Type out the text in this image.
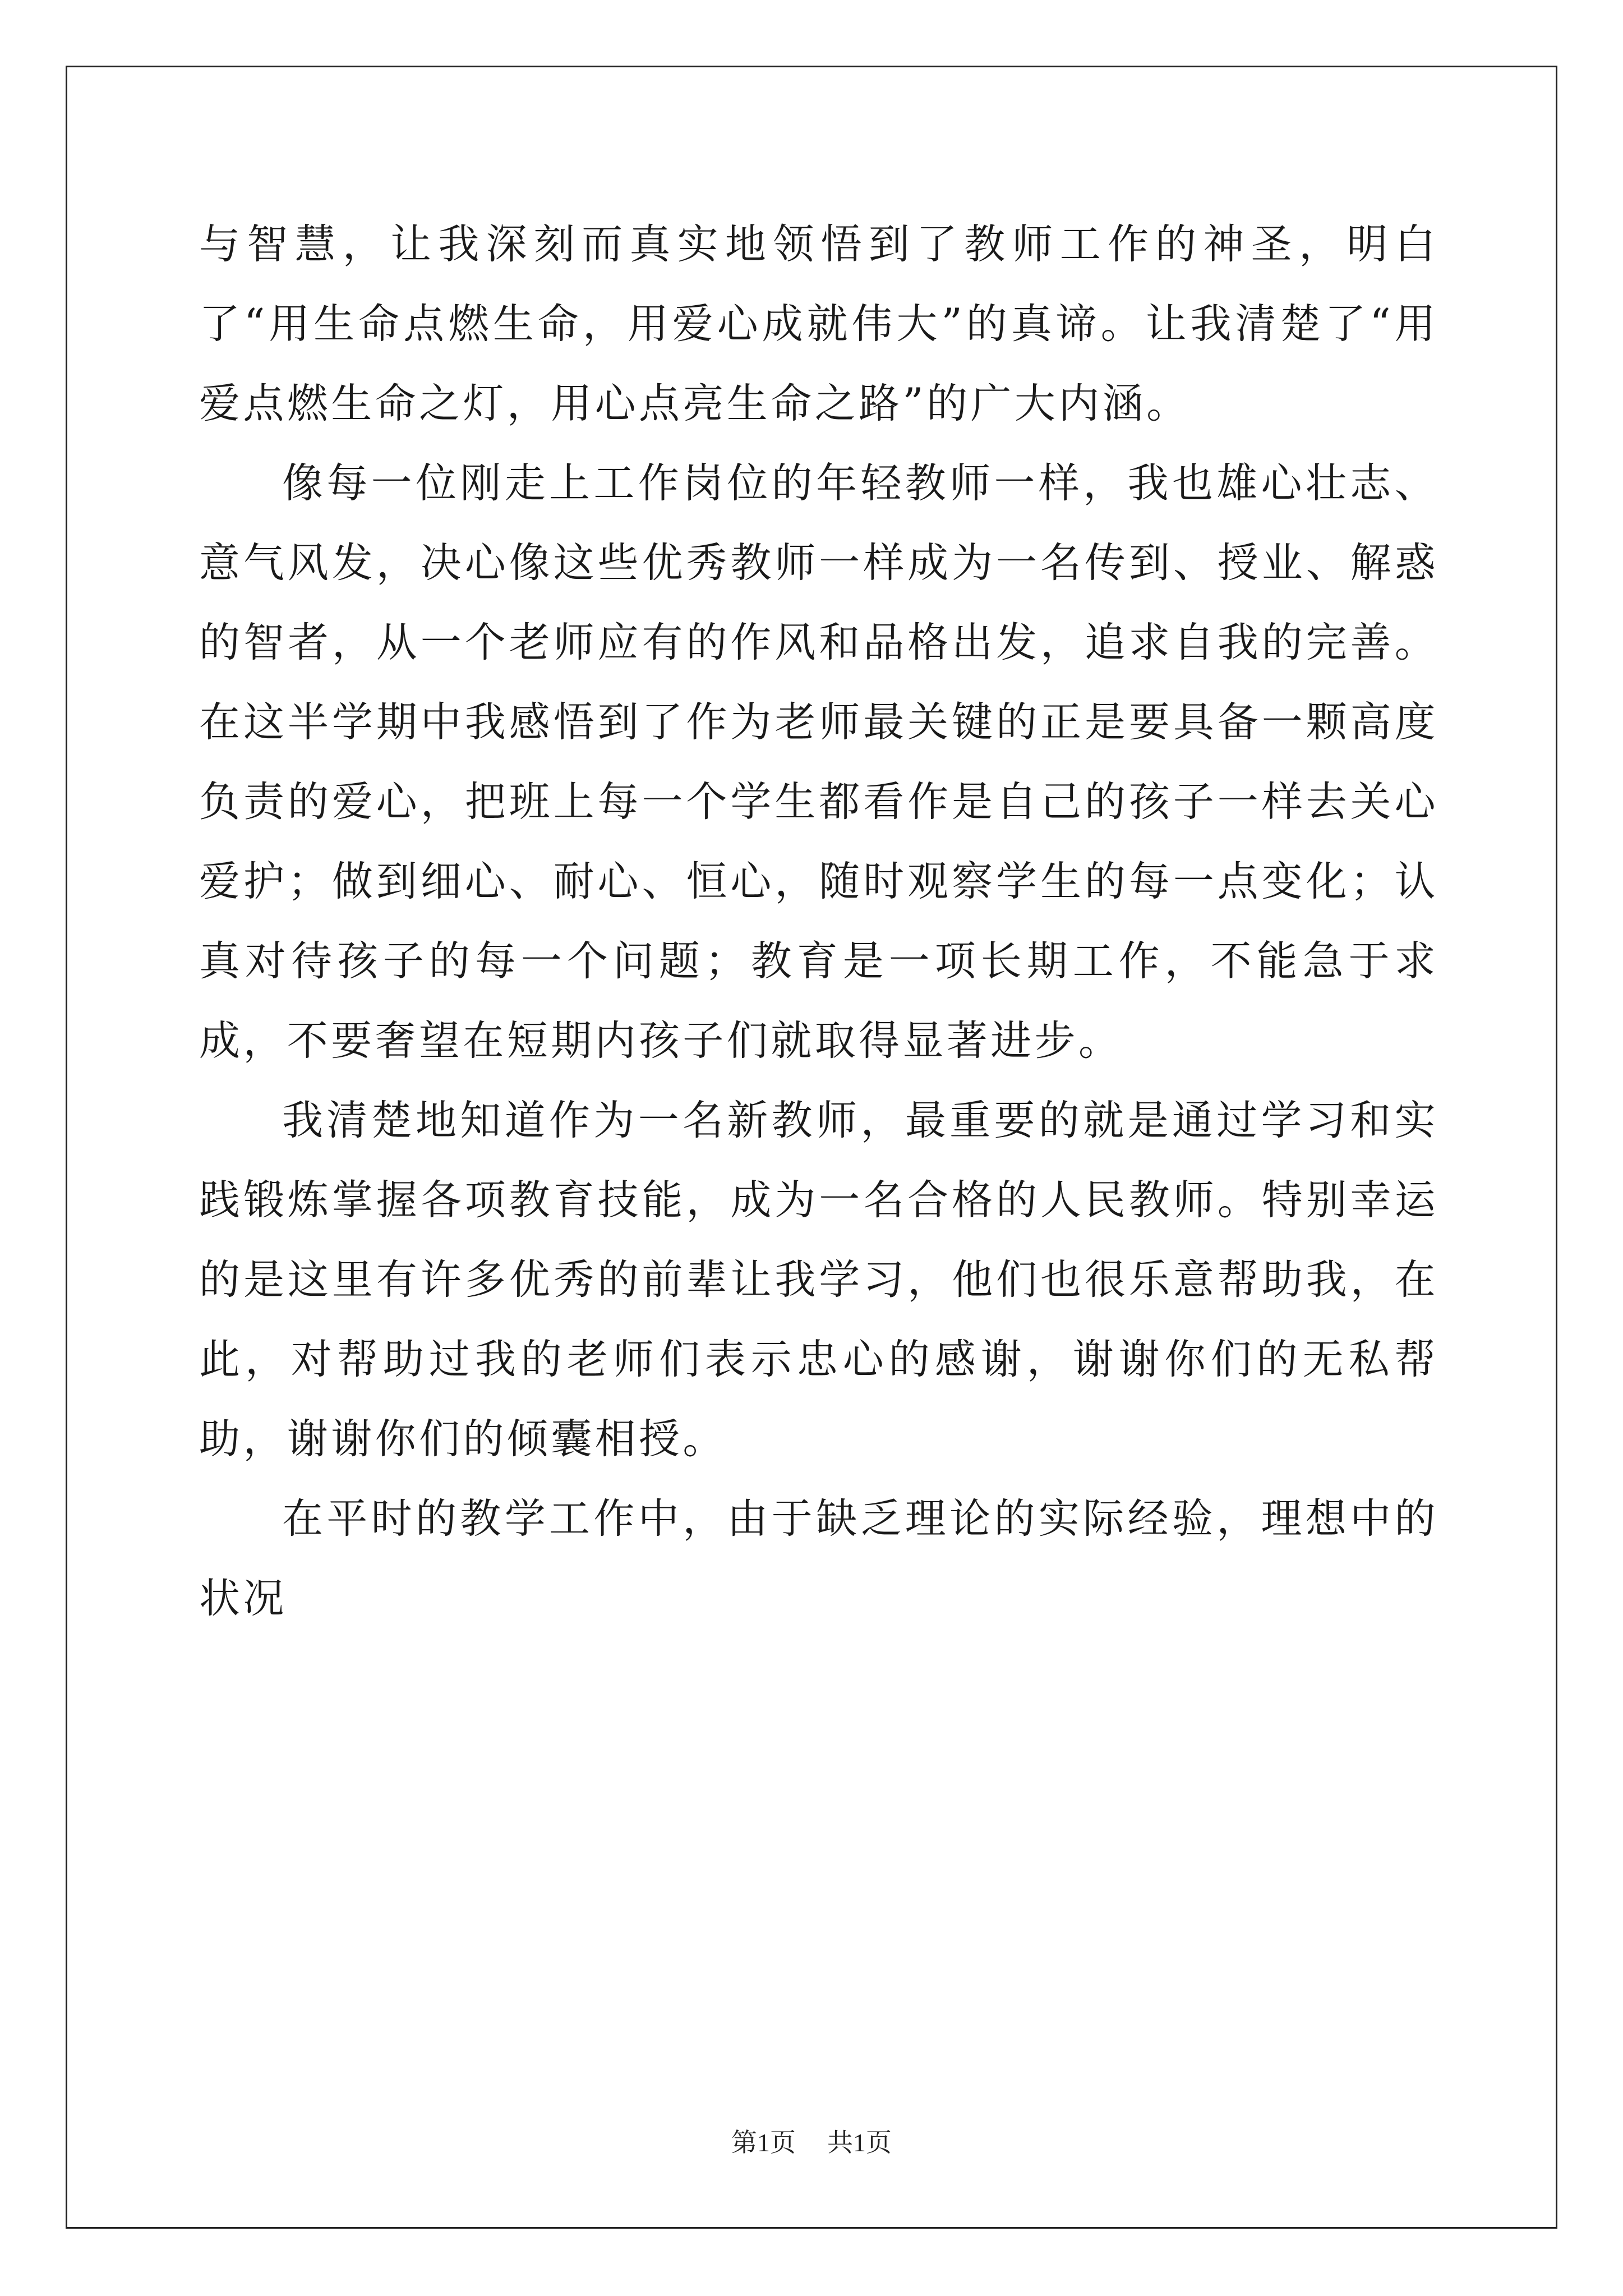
与智慧，让我深刻而真实地领悟到了教师工作的神圣，明白了“用生命点燃生命，用爱心成就伟大”的真谛。让我清楚了“用爱点燃生命之灯，用心点亮生命之路”的广大内涵。

像每一位刚走上工作岗位的年轻教师一样，我也雄心壮志、意气风发，决心像这些优秀教师一样成为一名传到、授业、解惑的智者，从一个老师应有的作风和品格出发，追求自我的完善。在这半学期中我感悟到了作为老师最关键的正是要具备一颗高度负责的爱心，把班上每一个学生都看作是自己的孩子一样去关心爱护；做到细心、耐心、恒心，随时观察学生的每一点变化；认真对待孩子的每一个问题；教育是一项长期工作，不能急于求成，不要奢望在短期内孩子们就取得显著进步。

我清楚地知道作为一名新教师，最重要的就是通过学习和实践锻炼掌握各项教育技能，成为一名合格的人民教师。特别幸运的是这里有许多优秀的前辈让我学习，他们也很乐意帮助我，在此，对帮助过我的老师们表示忠心的感谢，谢谢你们的无私帮助，谢谢你们的倾囊相授。

在平时的教学工作中，由于缺乏理论的实际经验，理想中的状况

第1页 共1页
